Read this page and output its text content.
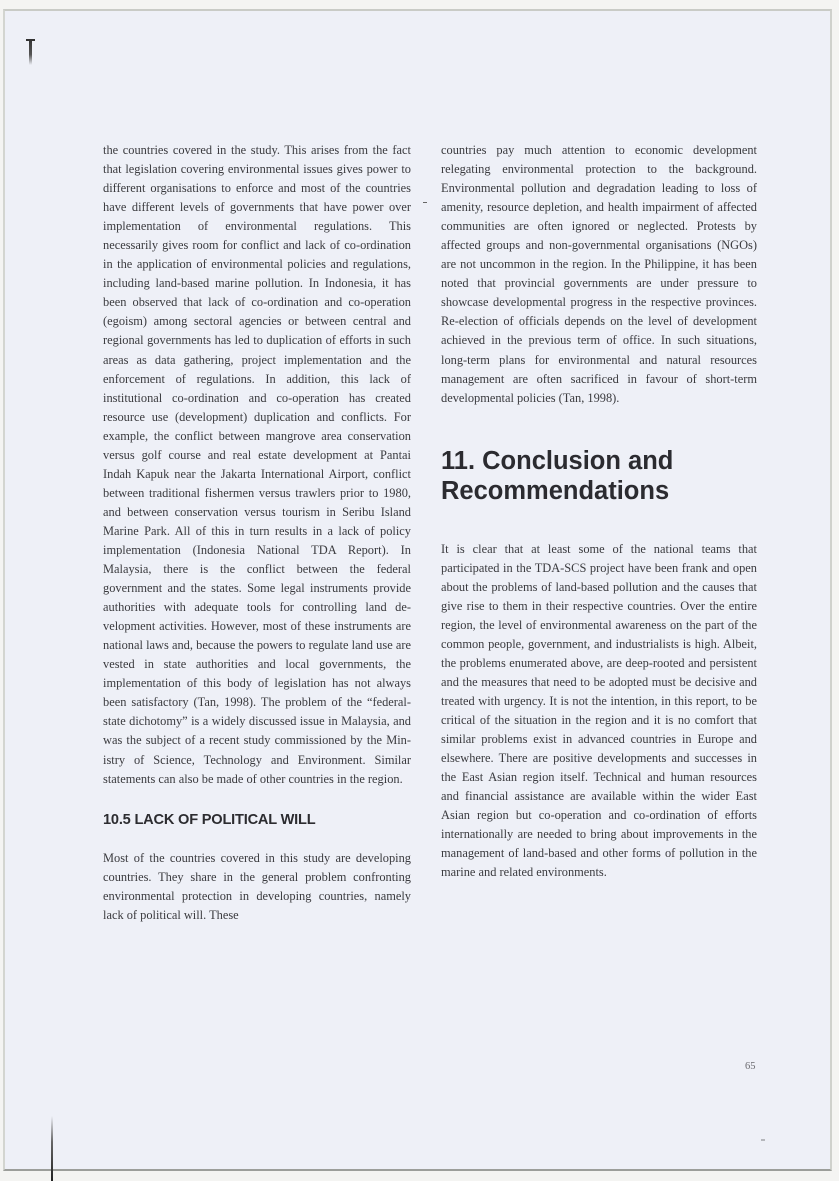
the countries covered in the study. This arises from the fact that legislation covering environmental issues gives power to different organisations to enforce and most of the countries have different levels of governments that have power over implementation of environmental regulations. This necessarily gives room for conflict and lack of co-ordination in the application of environmental policies and regulations, including land-based marine pollution. In Indonesia, it has been observed that lack of co-ordination and co-operation (egoism) among sectoral agencies or between central and regional governments has led to duplication of efforts in such areas as data gathering, project implementation and the enforcement of regulations. In addition, this lack of institutional co-ordination and co-operation has created resource use (development) duplication and conflicts. For example, the conflict between mangrove area conservation versus golf course and real estate development at Pantai Indah Kapuk near the Jakarta International Airport, conflict between traditional fishermen versus trawlers prior to 1980, and between conservation versus tourism in Seribu Island Marine Park. All of this in turn results in a lack of policy implementation (Indonesia National TDA Report). In Malaysia, there is the conflict between the federal government and the states. Some legal instruments provide authorities with adequate tools for controlling land development activities. However, most of these instruments are national laws and, because the powers to regulate land use are vested in state authorities and local governments, the implementation of this body of legislation has not always been satisfactory (Tan, 1998). The problem of the “federal-state dichotomy” is a widely discussed issue in Malaysia, and was the subject of a recent study commissioned by the Ministry of Science, Technology and Environment. Similar statements can also be made of other countries in the region.

10.5 LACK OF POLITICAL WILL

Most of the countries covered in this study are developing countries. They share in the general problem confronting environmental protection in developing countries, namely lack of political will. These

countries pay much attention to economic development relegating environmental protection to the background. Environmental pollution and degradation leading to loss of amenity, resource depletion, and health impairment of affected communities are often ignored or neglected. Protests by affected groups and non-governmental organisations (NGOs) are not uncommon in the region. In the Philippine, it has been noted that provincial governments are under pressure to showcase developmental progress in the respective provinces. Re-election of officials depends on the level of development achieved in the previous term of office. In such situations, long-term plans for environmental and natural resources management are often sacrificed in favour of short-term developmental policies (Tan, 1998).

11. Conclusion and Recommendations

It is clear that at least some of the national teams that participated in the TDA-SCS project have been frank and open about the problems of land-based pollution and the causes that give rise to them in their respective countries. Over the entire region, the level of environmental awareness on the part of the common people, government, and industrialists is high. Albeit, the problems enumerated above, are deep-rooted and persistent and the measures that need to be adopted must be decisive and treated with urgency. It is not the intention, in this report, to be critical of the situation in the region and it is no comfort that similar problems exist in advanced countries in Europe and elsewhere. There are positive developments and successes in the East Asian region itself. Technical and human resources and financial assistance are available within the wider East Asian region but co-operation and co-ordination of efforts internationally are needed to bring about improvements in the management of land-based and other forms of pollution in the marine and related environments.

65
